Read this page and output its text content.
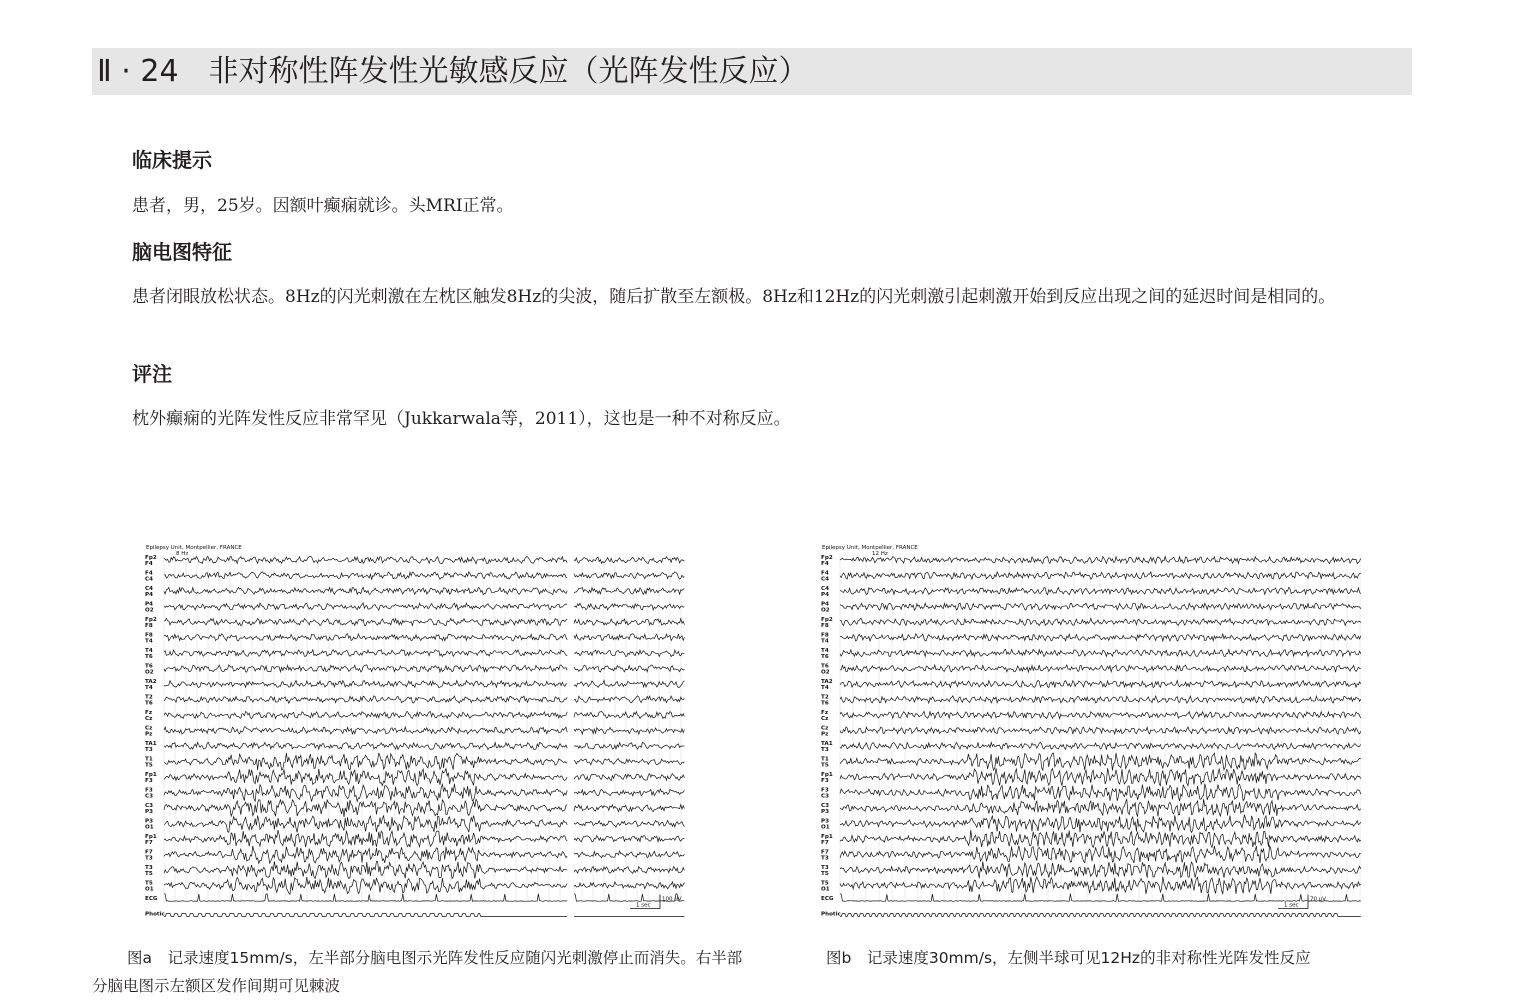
Ⅱ · 24　非对称性阵发性光敏感反应（光阵发性反应）
临床提示
患者，男，25岁。因额叶癫痫就诊。头MRI正常。
脑电图特征
患者闭眼放松状态。8Hz的闪光刺激在左枕区触发8Hz的尖波，随后扩散至左额极。8Hz和12Hz的闪光刺激引起刺激开始到反应出现之间的延迟时间是相同的。
评注
枕外癫痫的光阵发性反应非常罕见（Jukkarwala等，2011），这也是一种不对称反应。
Epilepsy Unit, Montpellier, FRANCE
8 Hz
Fp2
F4
F4
C4
C4
P4
P4
O2
Fp2
F8
F8
T4
T4
T6
T6
O2
TA2
T4
T2
T6
Fz
Cz
Cz
Pz
TA1
T3
T1
T5
Fp1
F3
F3
C3
C3
P3
P3
O1
Fp1
F7
F7
T3
T3
T5
T5
O1
ECG
Photic
1 sec
100 µV
Epilepsy Unit, Montpellier, FRANCE
12 Hz
Fp2
F4
F4
C4
C4
P4
P4
O2
Fp2
F8
F8
T4
T4
T6
T6
O2
TA2
T4
T2
T6
Fz
Cz
Cz
Pz
TA1
T3
T1
T5
Fp1
F3
F3
C3
C3
P3
P3
O1
Fp1
F7
F7
T3
T3
T5
T5
O1
ECG
Photic
1 sec
70 µV
图a　记录速度15mm/s，左半部分脑电图示光阵发性反应随闪光刺激停止而消失。右半部分脑电图示左额区发作间期可见棘波
图b　记录速度30mm/s，左侧半球可见12Hz的非对称性光阵发性反应
